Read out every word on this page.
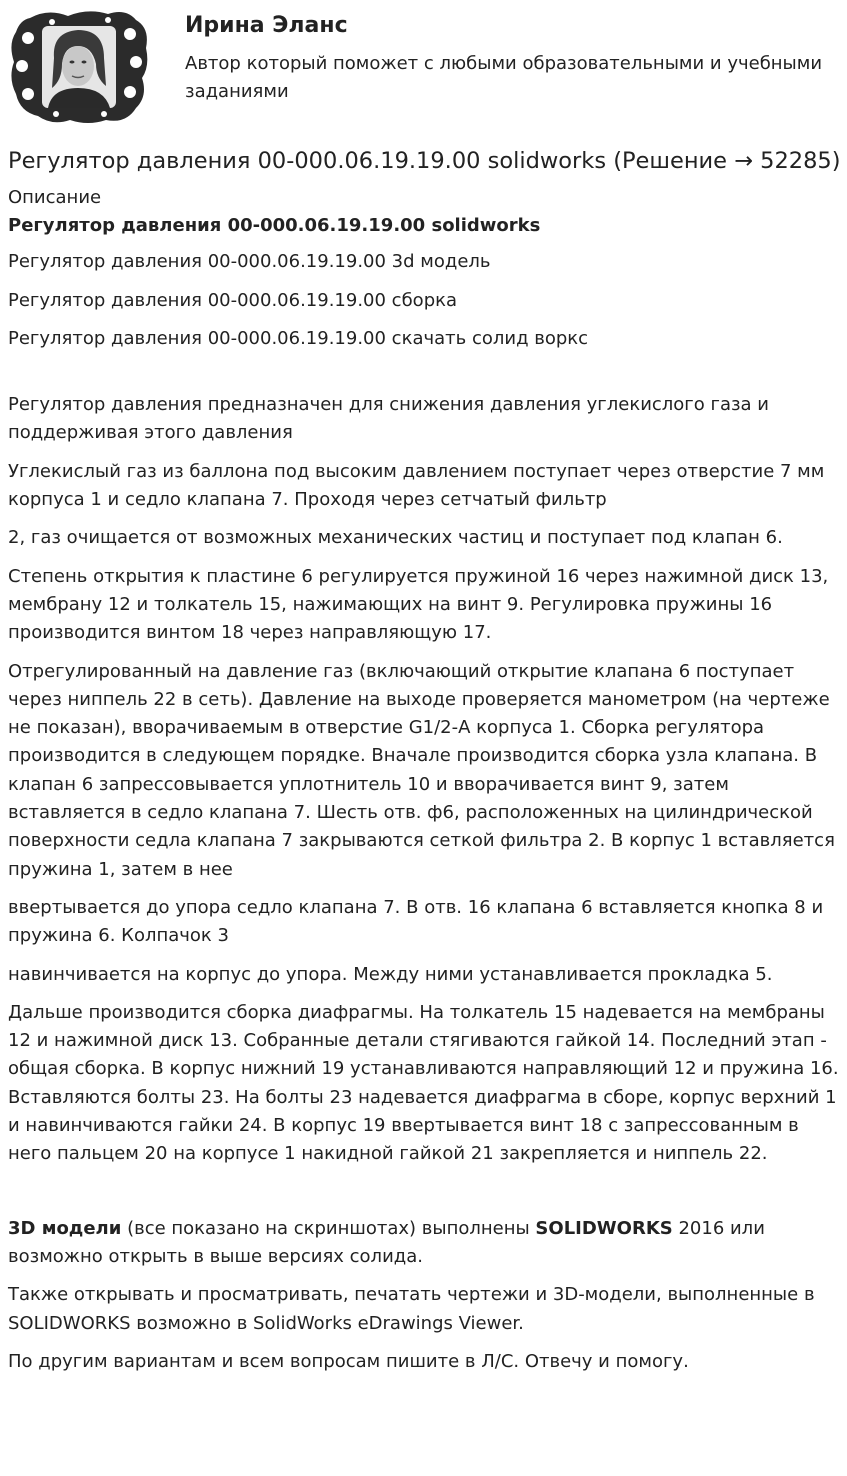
Ирина Эланс
Автор который поможет с любыми образовательными и учебными заданиями
Регулятор давления 00-000.06.19.19.00 solidworks (Решение → 52285)
Описание

Регулятор давления 00-000.06.19.19.00 solidworks

Регулятор давления 00-000.06.19.19.00 3d модель

Регулятор давления 00-000.06.19.19.00 сборка

Регулятор давления 00-000.06.19.19.00 скачать солид воркс

Регулятор давления предназначен для снижения давления углекислого газа и поддерживая этого давления

Углекислый газ из баллона под высоким давлением поступает через отверстие 7 мм корпуса 1 и седло клапана 7. Проходя через сетчатый фильтр

2, газ очищается от возможных механических частиц и поступает под клапан 6.

Степень открытия к пластине 6 регулируется пружиной 16 через нажимной диск 13, мембрану 12 и толкатель 15, нажимающих на винт 9. Регулировка пружины 16 производится винтом 18 через направляющую 17.

Отрегулированный на давление газ (включающий открытие клапана 6 поступает через ниппель 22 в сеть). Давление на выходе проверяется манометром (на чертеже не показан), вворачиваемым в отверстие G1/2-А корпуса 1. Сборка регулятора производится в следующем порядке. Вначале производится сборка узла клапана. В клапан 6 запрессовывается уплотнитель 10 и вворачивается винт 9, затем вставляется в седло клапана 7. Шесть отв. ф6, расположенных на цилиндрической поверхности седла клапана 7 закрываются сеткой фильтра 2. В корпус 1 вставляется пружина 1, затем в нее

ввертывается до упора седло клапана 7. В отв. 16 клапана 6 вставляется кнопка 8 и пружина 6. Колпачок 3

навинчивается на корпус до упора. Между ними устанавливается прокладка 5.

Дальше производится сборка диафрагмы. На толкатель 15 надевается на мембраны 12 и нажимной диск 13. Собранные детали стягиваются гайкой 14. Последний этап - общая сборка. В корпус нижний 19 устанавливаются направляющий 12 и пружина 16. Вставляются болты 23. На болты 23 надевается диафрагма в сборе, корпус верхний 1 и навинчиваются гайки 24. В корпус 19 ввертывается винт 18 с запрессованным в него пальцем 20 на корпусе 1 накидной гайкой 21 закрепляется и ниппель 22.

3D модели (все показано на скриншотах) выполнены SOLIDWORKS 2016 или возможно открыть в выше версиях солида.

Также открывать и просматривать, печатать чертежи и 3D-модели, выполненные в SOLIDWORKS возможно в SolidWorks eDrawings Viewer.

По другим вариантам и всем вопросам пишите в Л/С. Отвечу и помогу.
